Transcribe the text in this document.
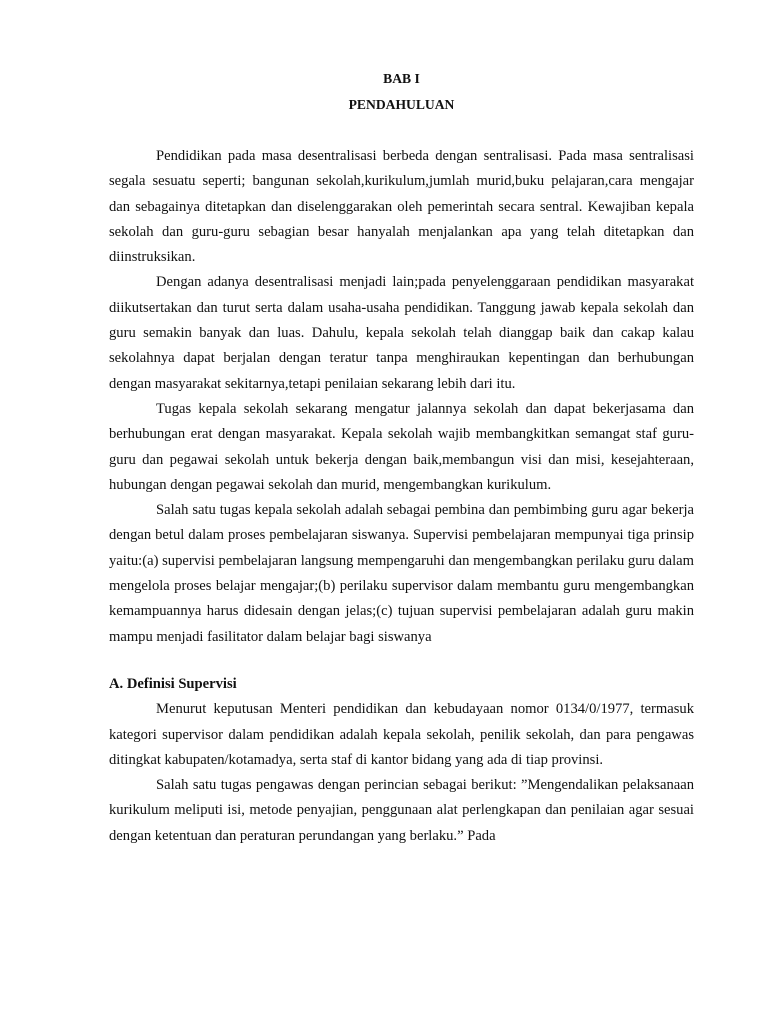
BAB I
PENDAHULUAN

Pendidikan pada masa desentralisasi berbeda dengan sentralisasi. Pada masa sentralisasi segala sesuatu seperti; bangunan sekolah,kurikulum,jumlah murid,buku pelajaran,cara mengajar dan sebagainya ditetapkan dan diselenggarakan oleh pemerintah secara sentral. Kewajiban kepala sekolah dan guru-guru sebagian besar hanyalah menjalankan apa yang telah ditetapkan dan diinstruksikan.

Dengan adanya desentralisasi menjadi lain;pada penyelenggaraan pendidikan masyarakat diikutsertakan dan turut serta dalam usaha-usaha pendidikan. Tanggung jawab kepala sekolah dan guru semakin banyak dan luas. Dahulu, kepala sekolah telah dianggap baik dan cakap kalau sekolahnya dapat berjalan dengan teratur tanpa menghiraukan kepentingan dan berhubungan dengan masyarakat sekitarnya,tetapi penilaian sekarang lebih dari itu.

Tugas kepala sekolah sekarang mengatur jalannya sekolah dan dapat bekerjasama dan berhubungan erat dengan masyarakat. Kepala sekolah wajib membangkitkan semangat staf guru-guru dan pegawai sekolah untuk bekerja dengan baik,membangun visi dan misi, kesejahteraan, hubungan dengan pegawai sekolah dan murid, mengembangkan kurikulum.

Salah satu tugas kepala sekolah adalah sebagai pembina dan pembimbing guru agar bekerja dengan betul dalam proses pembelajaran siswanya. Supervisi pembelajaran mempunyai tiga prinsip yaitu:(a) supervisi pembelajaran langsung mempengaruhi dan mengembangkan perilaku guru dalam mengelola proses belajar mengajar;(b) perilaku supervisor dalam membantu guru mengembangkan kemampuannya harus didesain dengan jelas;(c) tujuan supervisi pembelajaran adalah guru makin mampu menjadi fasilitator dalam belajar bagi siswanya

A. Definisi Supervisi

Menurut keputusan Menteri pendidikan dan kebudayaan nomor 0134/0/1977, termasuk kategori supervisor dalam pendidikan adalah kepala sekolah, penilik sekolah, dan para pengawas ditingkat kabupaten/kotamadya, serta staf di kantor bidang yang ada di tiap provinsi.

Salah satu tugas pengawas dengan perincian sebagai berikut: ”Mengendalikan pelaksanaan kurikulum meliputi isi, metode penyajian, penggunaan alat perlengkapan dan penilaian agar sesuai dengan ketentuan dan peraturan perundangan yang berlaku.” Pada
